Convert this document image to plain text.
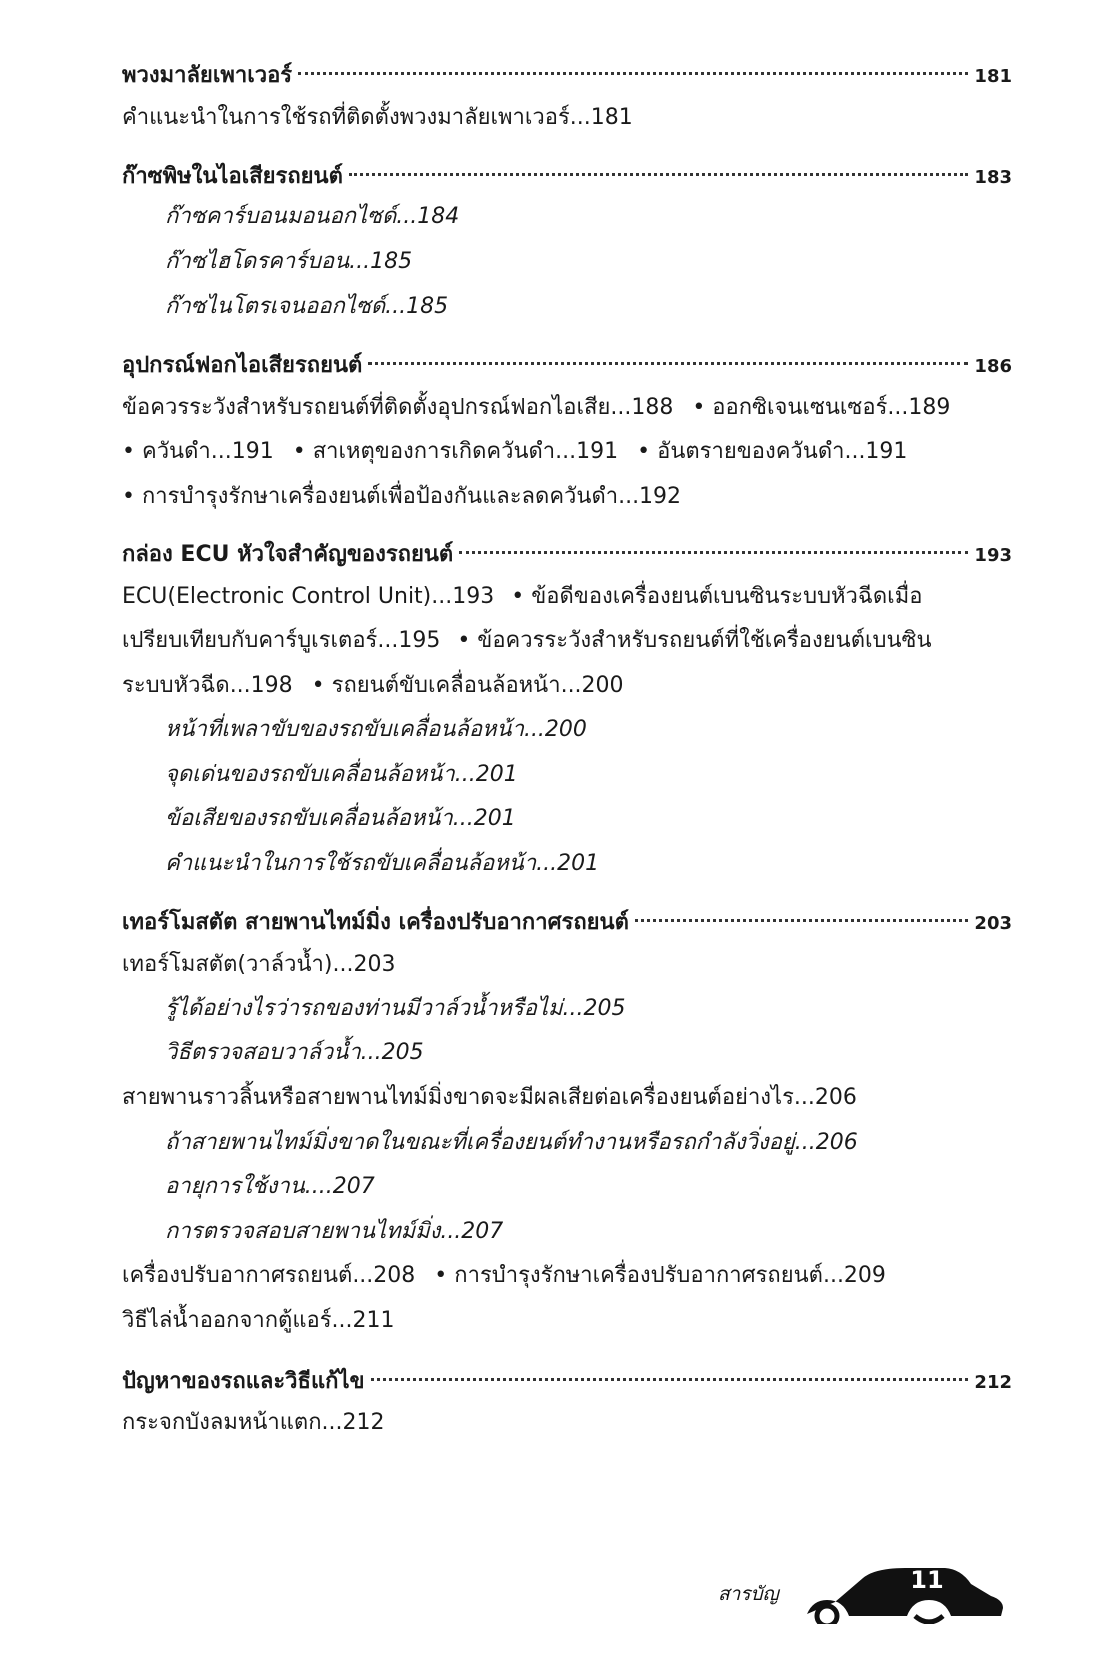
พวงมาลัยเพาเวอร์	181
คำแนะนำในการใช้รถที่ติดตั้งพวงมาลัยเพาเวอร์...181
ก๊าซพิษในไอเสียรถยนต์	183
ก๊าซคาร์บอนมอนอกไซด์...184
ก๊าซไฮโดรคาร์บอน...185
ก๊าซไนโตรเจนออกไซด์...185
อุปกรณ์ฟอกไอเสียรถยนต์	186
ข้อควรระวังสำหรับรถยนต์ที่ติดตั้งอุปกรณ์ฟอกไอเสีย...188 • ออกซิเจนเซนเซอร์...189
• ควันดำ...191 • สาเหตุของการเกิดควันดำ...191 • อันตรายของควันดำ...191
• การบำรุงรักษาเครื่องยนต์เพื่อป้องกันและลดควันดำ...192
กล่อง ECU หัวใจสำคัญของรถยนต์	193
ECU(Electronic Control Unit)...193 • ข้อดีของเครื่องยนต์เบนซินระบบหัวฉีดเมื่อ
เปรียบเทียบกับคาร์บูเรเตอร์...195 • ข้อควรระวังสำหรับรถยนต์ที่ใช้เครื่องยนต์เบนซิน
ระบบหัวฉีด...198 • รถยนต์ขับเคลื่อนล้อหน้า...200
หน้าที่เพลาขับของรถขับเคลื่อนล้อหน้า...200
จุดเด่นของรถขับเคลื่อนล้อหน้า...201
ข้อเสียของรถขับเคลื่อนล้อหน้า...201
คำแนะนำในการใช้รถขับเคลื่อนล้อหน้า...201
เทอร์โมสตัต สายพานไทม์มิ่ง เครื่องปรับอากาศรถยนต์	203
เทอร์โมสตัต(วาล์วน้ำ)...203
รู้ได้อย่างไรว่ารถของท่านมีวาล์วน้ำหรือไม่...205
วิธีตรวจสอบวาล์วน้ำ...205
สายพานราวลิ้นหรือสายพานไทม์มิ่งขาดจะมีผลเสียต่อเครื่องยนต์อย่างไร...206
ถ้าสายพานไทม์มิ่งขาดในขณะที่เครื่องยนต์ทำงานหรือรถกำลังวิ่งอยู่...206
อายุการใช้งาน....207
การตรวจสอบสายพานไทม์มิ่ง...207
เครื่องปรับอากาศรถยนต์...208 • การบำรุงรักษาเครื่องปรับอากาศรถยนต์...209
วิธีไล่น้ำออกจากตู้แอร์...211
ปัญหาของรถและวิธีแก้ไข	212
กระจกบังลมหน้าแตก...212
สารบัญ	11
